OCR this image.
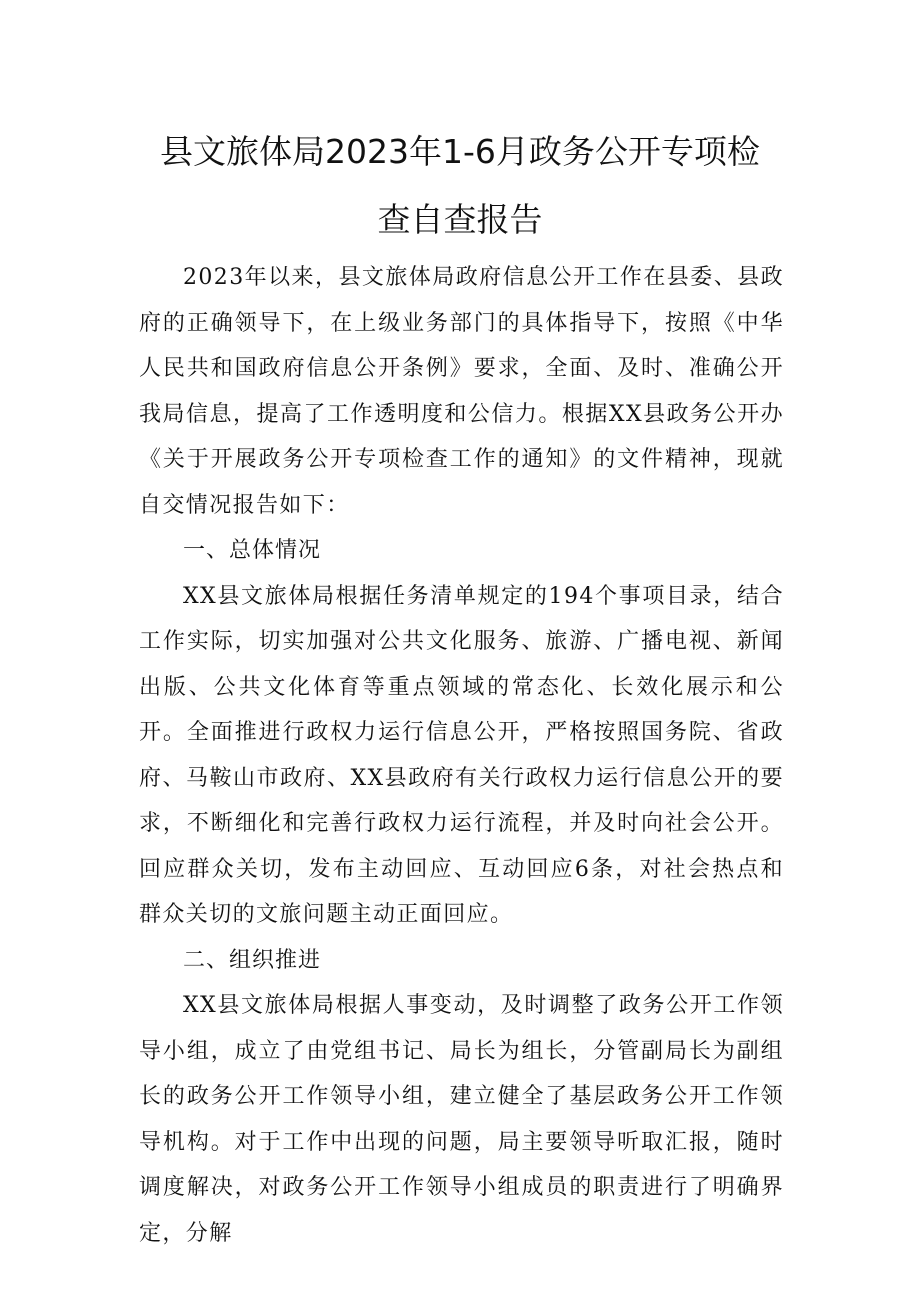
县文旅体局2023年1-6月政务公开专项检
查自查报告

2023年以来，县文旅体局政府信息公开工作在县委、县政府的正确领导下，在上级业务部门的具体指导下，按照《中华人民共和国政府信息公开条例》要求，全面、及时、准确公开我局信息，提高了工作透明度和公信力。根据XX县政务公开办《关于开展政务公开专项检查工作的通知》的文件精神，现就自交情况报告如下：

一、总体情况

XX县文旅体局根据任务清单规定的194个事项目录，结合工作实际，切实加强对公共文化服务、旅游、广播电视、新闻出版、公共文化体育等重点领域的常态化、长效化展示和公开。全面推进行政权力运行信息公开，严格按照国务院、省政府、马鞍山市政府、XX县政府有关行政权力运行信息公开的要求，不断细化和完善行政权力运行流程，并及时向社会公开。回应群众关切，发布主动回应、互动回应6条，对社会热点和群众关切的文旅问题主动正面回应。

二、组织推进

XX县文旅体局根据人事变动，及时调整了政务公开工作领导小组，成立了由党组书记、局长为组长，分管副局长为副组长的政务公开工作领导小组，建立健全了基层政务公开工作领导机构。对于工作中出现的问题，局主要领导听取汇报，随时调度解决，对政务公开工作领导小组成员的职责进行了明确界定，分解
